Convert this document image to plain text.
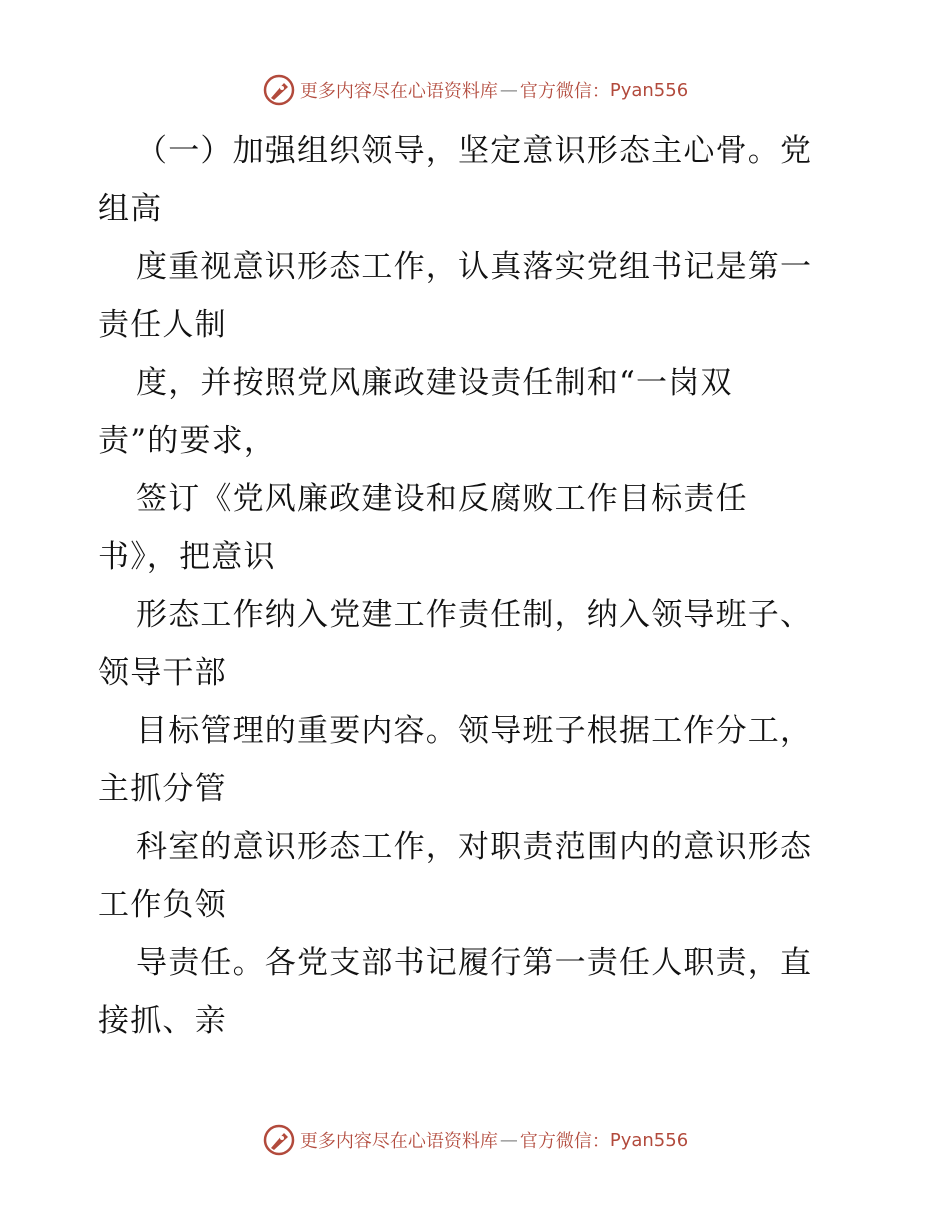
更多内容尽在心语资料库 — 官方微信： Pyan556
（一）加强组织领导，坚定意识形态主心骨。党
组高
度重视意识形态工作，认真落实党组书记是第一
责任人制
度，并按照党风廉政建设责任制和“一岗双
责”的要求，
签订《党风廉政建设和反腐败工作目标责任
书》，把意识
形态工作纳入党建工作责任制，纳入领导班子、
领导干部
目标管理的重要内容。领导班子根据工作分工，
主抓分管
科室的意识形态工作，对职责范围内的意识形态
工作负领
导责任。各党支部书记履行第一责任人职责，直
接抓、亲
更多内容尽在心语资料库 — 官方微信： Pyan556
